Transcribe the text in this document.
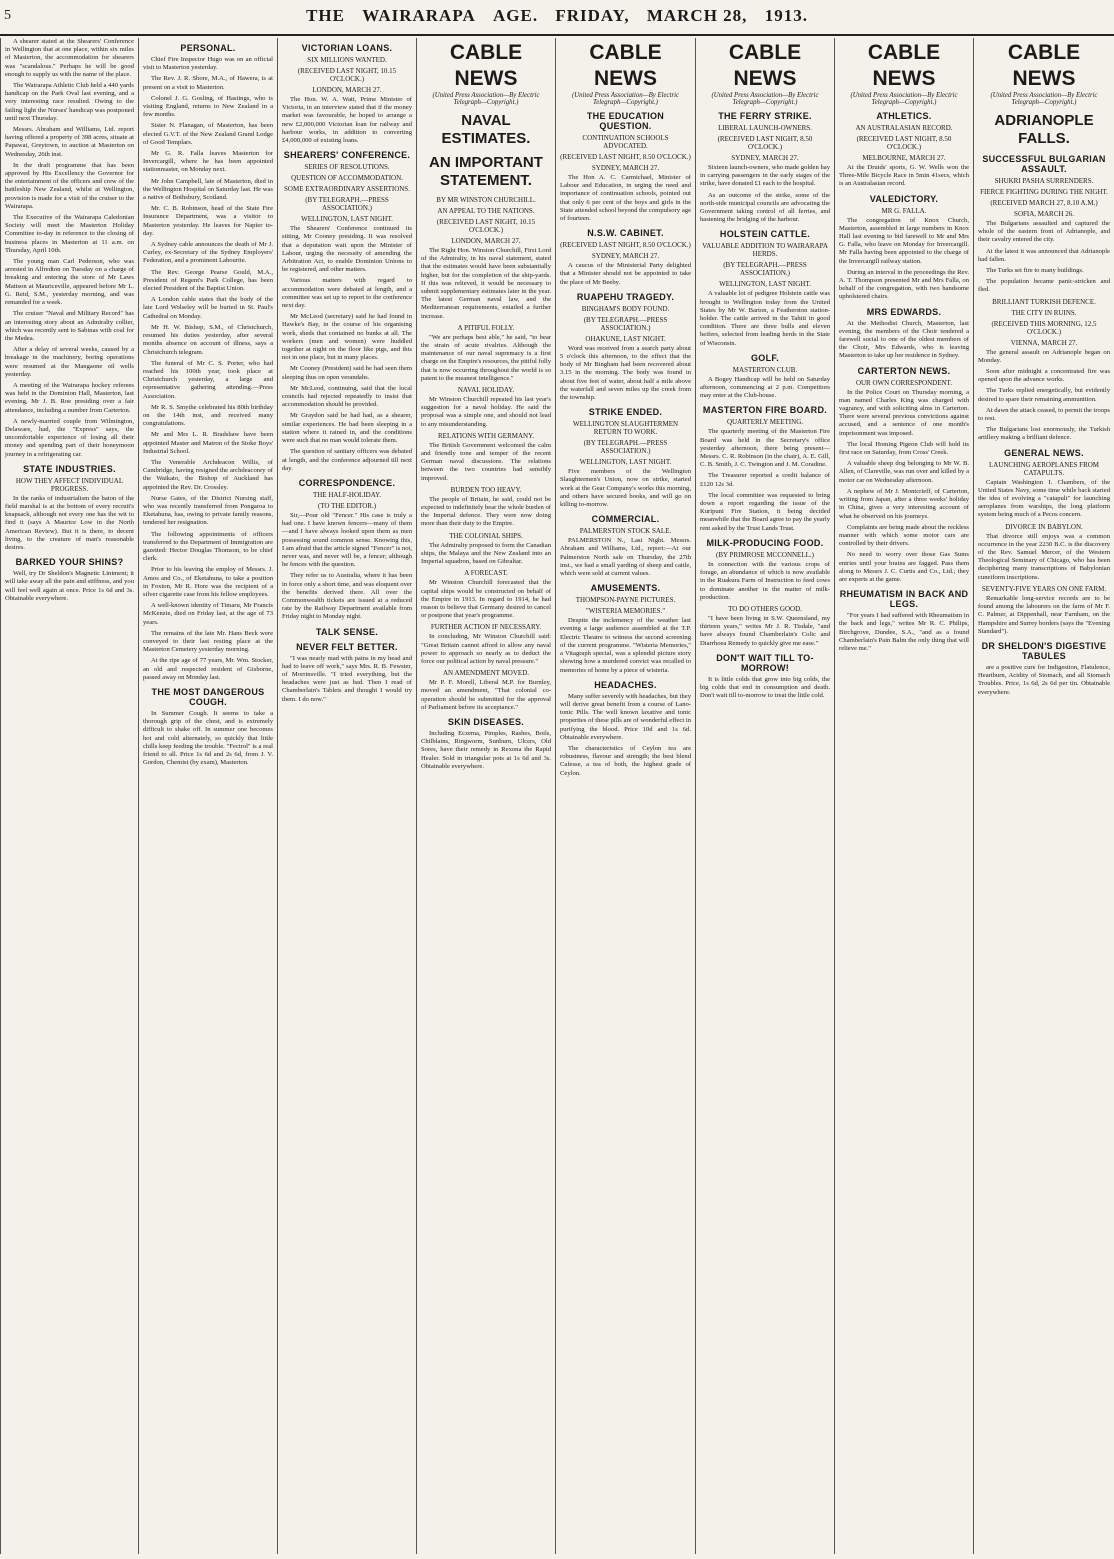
5	THE WAIRARAPA AGE. FRIDAY, MARCH 28, 1913.
A shearer stated at the Shearers' Conference in Wellington that at one place, within six miles of Masterton, the accommodation for shearers was "scandalous." Perhaps he will be good enough to supply us with the name of the place.
The Wairarapa Athletic Club held a 440 yards handicap on the Park Oval last evening, and a very interesting race resulted. Owing to the failing light the Nurses' handicap was postponed until next Thursday.
Messrs. Abraham and Williams, Ltd. report having offered a property of 398 acres, situate at Papawai, Greytown, to auction at Masterton on Wednesday, 26th inst.
In the draft programme that has been approved by His Excellency the Governor for the entertainment of the officers and crew of the battleship New Zealand, whilst at Wellington, provision is made for a visit of the cruiser to the Wairarapa.
The Executive of the Wairarapa Caledonian Society will meet the Masterton Holiday Committee to-day in reference to the closing of business places in Masterton at 11 a.m. on Thursday, April 10th.
The young man Carl Pederson, who was arrested in Alfredton on Tuesday on a charge of breaking and entering the store of Mr Laws Mattson at Mauriceville, appeared before Mr L. G. Reid, S.M., yesterday morning, and was remanded for a week.
The cruiser "Naval and Military Record" has an interesting story about an Admiralty collier, which was recently sent to Sabinas with coal for the Medea.
After a delay of several weeks, caused by a breakage in the machinery, boring operations were resumed at the Mangaone oil wells yesterday.
A meeting of the Wairarapa hockey referees was held in the Dominion Hall, Masterton, last evening, Mr J. B. Roe presiding over a fair attendance, including a number from Carterton.
A newly-married couple from Wilmington, Delaware, had, the "Express" says, the uncomfortable experience of losing all their money and spending part of their honeymoon journey in a refrigerating car.
STATE INDUSTRIES.
HOW THEY AFFECT INDIVIDUAL PROGRESS.
In the ranks of industrialism the baton of the field marshal is at the bottom of every recruit's knapsack, although not every one has the wit to find it (says A Maurice Low in the North American Review). But it is there, to decent living, to the creature of man's reasonable desires.
BARKED YOUR SHINS?
Well, try Dr Sheldon's Magnetic Liniment; it will take away all the pain and stiffness, and you will feel well again at once. Price 1s 6d and 3s. Obtainable everywhere.
PERSONAL.
Chief Fire Inspector Hugo was on an official visit to Masterton yesterday.
The Rev. J. R. Shore, M.A., of Hawera, is at present on a visit to Masterton.
Colonel J. G. Gosling, of Hastings, who is visiting England, returns to New Zealand in a few months.
Sister N. Flanagan, of Masterton, has been elected G.V.T. of the New Zealand Grand Lodge of Good Templars.
Mr G. R. Falla leaves Masterton for Invercargill, where he has been appointed stationmaster, on Monday next.
Mr John Campbell, late of Masterton, died in the Wellington Hospital on Saturday last. He was a native of Bothsbury, Scotland.
Mr. C. B. Robinson, head of the State Fire Insurance Department, was a visitor to Masterton yesterday. He leaves for Napier to-day.
A Sydney cable announces the death of Mr J. Curley, ex-Secretary of the Sydney Employers' Federation, and a prominent Labourite.
The Rev. George Pearse Gould, M.A., President of Regent's Park College, has been elected President of the Baptist Union.
A London cable states that the body of the late Lord Wolseley will be buried in St. Paul's Cathedral on Monday.
Mr H. W. Bishop, S.M., of Christchurch, resumed his duties yesterday, after several months absence on account of illness, says a Christchurch telegram.
The funeral of Mr C. S. Porter, who had reached his 100th year, took place at Christchurch yesterday, a large and representative gathering attending.—Press Association.
Mr R. S. Smythe celebrated his 80th birthday on the 14th inst, and received many congratulations.
Mr and Mrs L. R. Bradshaw have been appointed Master and Matron of the Stoke Boys' Industrial School.
The Venerable Archdeacon Willis, of Cambridge, having resigned the archdeaconry of the Waikato, the Bishop of Auckland has appointed the Rev. Dr. Crossley.
Nurse Gates, of the District Nursing staff, who was recently transferred from Pongaroa to Eketahuna, has, owing to private family reasons, tendered her resignation.
The following appointments of officers transferred to the Department of Immigration are gazetted: Hector Douglas Thomson, to be chief clerk.
Prior to his leaving the employ of Messrs. J. Amos and Co., of Eketahuna, to take a position in Foxton, Mr R. Hore was the recipient of a silver cigarette case from his fellow employees.
A well-known identity of Timaru, Mr Francis McKenzie, died on Friday last, at the age of 73 years.
The remains of the late Mr. Hans Beck were conveyed to their last resting place at the Masterton Cemetery yesterday morning.
At the ripe age of 77 years, Mr. Wm. Stocker, an old and respected resident of Gisborne, passed away on Monday last.
THE MOST DANGEROUS COUGH.
In Summer Cough. It seems to take a thorough grip of the chest, and is extremely difficult to shake off. In summer one becomes hot and cold alternately, so quickly that little chills keep feeding the trouble. "Fectrol" is a real friend to all. Price 1s 6d and 2s 6d, from J. V. Gordon, Chemist (by exam), Masterton.
VICTORIAN LOANS.
SIX MILLIONS WANTED.
(RECEIVED LAST NIGHT, 10.15 O'CLOCK.)
LONDON, MARCH 27.
The Hon. W. A. Watt, Prime Minister of Victoria, in an interview stated that if the money market was favourable, he hoped to arrange a new £2,000,000 Victorian loan for railway and harbour works, in addition to converting £4,000,000 of existing loans.
SHEARERS' CONFERENCE.
SERIES OF RESOLUTIONS.
QUESTION OF ACCOMMODATION.
SOME EXTRAORDINARY ASSERTIONS.
(BY TELEGRAPH.—PRESS ASSOCIATION.)
WELLINGTON, LAST NIGHT.
The Shearers' Conference continued its sitting, Mr Cooney presiding. It was resolved that a deputation wait upon the Minister of Labour, urging the necessity of amending the Arbitration Act, to enable Dominion Unions to be registered, and other matters.
Various matters with regard to accommodation were debated at length, and a committee was set up to report to the conference next day.
Mr McLeod (secretary) said he had found in Hawke's Bay, in the course of his organising work, sheds that contained no bunks at all. The workers (men and women) were huddled together at night on the floor like pigs, and this not in one place, but in many places.
Mr Cooney (President) said he had seen them sleeping thus on open verandahs.
Mr McLeod, continuing, said that the local councils had rejected repeatedly to insist that accommodation should be provided.
Mr Graydon said he had had, as a shearer, similar experiences. He had been sleeping in a station where it rained in, and the conditions were such that no man would tolerate them.
The question of sanitary officers was debated at length, and the conference adjourned till next day.
CORRESPONDENCE.
THE HALF-HOLIDAY.
(TO THE EDITOR.)
Sir,—Pour old "Fencer." His case is truly a bad one. I have known fencers—many of them—and I have always looked upon them as men possessing sound common sense. Knowing this, I am afraid that the article signed "Fencer" is not, never was, and never will be, a fencer; although he fences with the question.
They refer us to Australia, where it has been in force only a short time, and was eloquent over the benefits derived there. All over the Commonwealth tickets are issued at a reduced rate by the Railway Department available from Friday night to Monday night.
TALK SENSE.
NEVER FELT BETTER.
"I was nearly mad with pains in my head and had to leave off work," says Mrs. R. B. Fewster, of Morrinsville. "I tried everything, but the headaches were just as bad. Then I read of Chamberlain's Tablets and thought I would try them. I do now."
CABLE NEWS
(United Press Association—By Electric Telegraph—Copyright.)
NAVAL ESTIMATES.
AN IMPORTANT STATEMENT.
BY MR WINSTON CHURCHILL.
AN APPEAL TO THE NATIONS.
(RECEIVED LAST NIGHT, 10.15 O'CLOCK.)
LONDON, MARCH 27.
The Right Hon. Winston Churchill, First Lord of the Admiralty, in his naval statement, stated that the estimates would have been substantially higher, but for the completion of the ship-yards. If this was relieved, it would be necessary to submit supplementary estimates later in the year. The latest German naval law, and the Mediterranean requirements, entailed a further increase.
A PITIFUL FOLLY.
"We are perhaps best able," he said, "to bear the strain of acute rivalries. Although the maintenance of our naval supremacy is a first charge on the Empire's resources, the pitiful folly that is now occurring throughout the world is so patent to the meanest intelligence."
NAVAL HOLIDAY.
Mr Winston Churchill repeated his last year's suggestion for a naval holiday. He said the proposal was a simple one, and should not lead to any misunderstanding.
RELATIONS WITH GERMANY.
The British Government welcomed the calm and friendly tone and temper of the recent German naval discussions. The relations between the two countries had sensibly improved.
BURDEN TOO HEAVY.
The people of Britain, he said, could not be expected to indefinitely bear the whole burden of the Imperial defence. They were now doing more than their duty to the Empire.
THE COLONIAL SHIPS.
The Admiralty proposed to form the Canadian ships, the Malaya and the New Zealand into an Imperial squadron, based on Gibraltar.
A FORECAST.
Mr Winston Churchill forecasted that the capital ships would be constructed on behalf of the Empire in 1913. In regard to 1914, he had reason to believe that Germany desired to cancel or postpone that year's programme.
FURTHER ACTION IF NECESSARY.
In concluding, Mr Winston Churchill said: "Great Britain cannot afford to allow any naval power to approach so nearly as to deduct the force our political action by naval pressure."
AN AMENDMENT MOVED.
Mr P. F. Morell, Liberal M.P. for Burnley, moved an amendment, "That colonial co-operation should be submitted for the approval of Parliament before its acceptance."
SKIN DISEASES.
Including Eczema, Pimples, Rashes, Boils, Chilblains, Ringworm, Sunburn, Ulcers, Old Sores, have their remedy in Rexona the Rapid Healer. Sold in triangular pots at 1s 6d and 3s. Obtainable everywhere.
CABLE NEWS
(United Press Association—By Electric Telegraph—Copyright.)
THE EDUCATION QUESTION.
CONTINUATION SCHOOLS ADVOCATED.
(RECEIVED LAST NIGHT, 8.50 O'CLOCK.)
SYDNEY, MARCH 27.
The Hon A. C. Carmichael, Minister of Labour and Education, in urging the need and importance of continuation schools, pointed out that only 6 per cent of the boys and girls in the State attended school beyond the compulsory age of fourteen.
N.S.W. CABINET.
(RECEIVED LAST NIGHT, 8.50 O'CLOCK.)
SYDNEY, MARCH 27.
A caucus of the Ministerial Party delighted that a Minister should not be appointed to take the place of Mr Beeby.
RUAPEHU TRAGEDY.
BINGHAM'S BODY FOUND.
(BY TELEGRAPH.—PRESS ASSOCIATION.)
OHAKUNE, LAST NIGHT.
Word was received from a search party about 5 o'clock this afternoon, to the effect that the body of Mr Bingham had been recovered about 3.15 in the morning. The body was found in about five feet of water, about half a mile above the waterfall and seven miles up the creek from the township.
STRIKE ENDED.
WELLINGTON SLAUGHTERMEN RETURN TO WORK.
(BY TELEGRAPH.—PRESS ASSOCIATION.)
WELLINGTON, LAST NIGHT.
Five members of the Wellington Slaughtermen's Union, now on strike, started work at the Gear Company's works this morning, and others have secured books, and will go on killing to-morrow.
COMMERCIAL.
PALMERSTON STOCK SALE.
PALMERSTON N., Last Night. Messrs. Abraham and Williams, Ltd., report:—At our Palmerston North sale on Thursday, the 27th inst., we had a small yarding of sheep and cattle, which were sold at current values.
AMUSEMENTS.
THOMPSON-PAYNE PICTURES.
"WISTERIA MEMORIES."
Despite the inclemency of the weather last evening a large audience assembled at the T.P. Electric Theatre to witness the second screening of the current programme. "Wisteria Memories," a Vitagraph special, was a splendid picture story showing how a murdered convict was recalled to memories of home by a piece of wisteria.
HEADACHES.
Many suffer severely with headaches, but they will derive great benefit from a course of Lano-tonic Pills. The well known laxative and tonic properties of these pills are of wonderful effect in purifying the blood. Price 10d and 1s 6d. Obtainable everywhere.
The characteristics of Ceylon tea are robustness, flavour and strength; the best blend Cafesse, a tea of both, the highest grade of Ceylon.
CABLE NEWS
(United Press Association—By Electric Telegraph—Copyright.)
THE FERRY STRIKE.
LIBERAL LAUNCH-OWNERS.
(RECEIVED LAST NIGHT, 8.50 O'CLOCK.)
SYDNEY, MARCH 27.
Sixteen launch-owners, who made golden hay in carrying passengers in the early stages of the strike, have donated £1 each to the hospital.
As an outcome of the strike, some of the north-side municipal councils are advocating the Government taking control of all ferries, and hastening the bridging of the harbour.
HOLSTEIN CATTLE.
VALUABLE ADDITION TO WAIRARAPA HERDS.
(BY TELEGRAPH.—PRESS ASSOCIATION.)
WELLINGTON, LAST NIGHT.
A valuable lot of pedigree Holstein cattle was brought to Wellington today from the United States by Mr W. Barton, a Featherston station-holder. The cattle arrived in the Tahiti in good condition. There are three bulls and eleven heifers, selected from leading herds in the State of Wisconsin.
GOLF.
MASTERTON CLUB.
A Bogey Handicap will be held on Saturday afternoon, commencing at 2 p.m. Competitors may enter at the Club-house.
MASTERTON FIRE BOARD.
QUARTERLY MEETING.
The quarterly meeting of the Masterton Fire Board was held in the Secretary's office yesterday afternoon, there being present—Messrs. C. R. Robinson (in the chair), A. E. Gill, C. B. Smith, J. C. Twington and J. M. Coradine.
The Treasurer reported a credit balance of £120 12s 3d.
The local committee was requested to bring down a report regarding the issue of the Kuripuni Fire Station, it being decided meanwhile that the Board agree to pay the yearly rent asked by the Trust Lands Trust.
MILK-PRODUCING FOOD.
(BY PRIMROSE MCCONNELL.)
In connection with the various crops of forage, an abundance of which is now available in the Ruakura Farm of Instruction to feed cows to dominate another in the matter of milk-production.
TO DO OTHERS GOOD.
"I have been living in S.W. Queensland, my thirteen years," writes Mr J. R. Tisdale, "and have always found Chamberlain's Colic and Diarrhoea Remedy to quickly give me ease."
DON'T WAIT TILL TO-MORROW!
It is little colds that grow into big colds, the big colds that end in consumption and death. Don't wait till to-morrow to treat the little cold.
CABLE NEWS
(United Press Association—By Electric Telegraph—Copyright.)
ATHLETICS.
AN AUSTRALASIAN RECORD.
(RECEIVED LAST NIGHT, 8.50 O'CLOCK.)
MELBOURNE, MARCH 27.
At the Druids' sports, G. W. Wells won the Three-Mile Bicycle Race in 5min 41secs, which is an Australasian record.
VALEDICTORY.
MR G. FALLA.
The congregation of Knox Church, Masterton, assembled in large numbers in Knox Hall last evening to bid farewell to Mr and Mrs G. Falla, who leave on Monday for Invercargill. Mr Falla having been appointed to the charge of the Invercargill railway station.
During an interval in the proceedings the Rev. A. T. Thompson presented Mr and Mrs Falla, on behalf of the congregation, with two handsome upholstered chairs.
MRS EDWARDS.
At the Methodist Church, Masterton, last evening, the members of the Choir tendered a farewell social to one of the oldest members of the Choir, Mrs Edwards, who is leaving Masterton to take up her residence in Sydney.
CARTERTON NEWS.
OUR OWN CORRESPONDENT.
In the Police Court on Thursday morning, a man named Charles King was charged with vagrancy, and with soliciting alms in Carterton. There were several previous convictions against accused, and a sentence of one month's imprisonment was imposed.
The local Homing Pigeon Club will hold its first race on Saturday, from Cross' Creek.
A valuable sheep dog belonging to Mr W. B. Allen, of Clareville, was run over and killed by a motor car on Wednesday afternoon.
A nephew of Mr J. Montcrieff, of Carterton, writing from Japan, after a three weeks' holiday in China, gives a very interesting account of what he observed on his journeys.
Complaints are being made about the reckless manner with which some motor cars are controlled by their drivers.
No need to worry over those Gas Sums entries until your brains are fagged. Pass them along to Messrs J. C. Curtis and Co., Ltd.; they are experts at the game.
RHEUMATISM IN BACK AND LEGS.
"For years I had suffered with Rheumatism in the back and legs," writes Mr R. C. Philips, Birchgrove, Dundee, S.A., "and as a found Chamberlain's Pain Balm the only thing that will relieve me."
CABLE NEWS
(United Press Association—By Electric Telegraph—Copyright.)
ADRIANOPLE FALLS.
SUCCESSFUL BULGARIAN ASSAULT.
SHUKRI PASHA SURRENDERS.
FIERCE FIGHTING DURING THE NIGHT.
(RECEIVED MARCH 27, 8.10 A.M.)
SOFIA, MARCH 26.
The Bulgarians assaulted and captured the whole of the eastern front of Adrianople, and their cavalry entered the city.
At the latest it was announced that Adrianople had fallen.
The Turks set fire to many buildings.
The population became panic-stricken and fled.
BRILLIANT TURKISH DEFENCE.
THE CITY IN RUINS.
(RECEIVED THIS MORNING, 12.5 O'CLOCK.)
VIENNA, MARCH 27.
The general assault on Adrianople began on Monday.
Soon after midnight a concentrated fire was opened upon the advance works.
The Turks replied energetically, but evidently desired to spare their remaining ammunition.
At dawn the attack ceased, to permit the troops to rest.
The Bulgarians lost enormously, the Turkish artillery making a brilliant defence.
GENERAL NEWS.
LAUNCHING AEROPLANES FROM CATAPULTS.
Captain Washington I. Chambers, of the United States Navy, some time while back started the idea of evolving a "catapult" for launching aeroplanes from warships, the long platform system being much of a Pecos concern.
DIVORCE IN BABYLON.
That divorce still enjoys was a common occurrence in the year 2230 B.C. is the discovery of the Rev. Samuel Mercer, of the Western Theological Seminary of Chicago, who has been deciphering many transcriptions of Babylonian cuneiform inscriptions.
SEVENTY-FIVE YEARS ON ONE FARM.
Remarkable long-service records are to be found among the labourers on the farm of Mr F. C. Palmer, at Dippenhall, near Farnham, on the Hampshire and Surrey borders (says the "Evening Standard").
DR SHELDON'S DIGESTIVE TABULES
are a positive cure for Indigestion, Flatulence, Heartburn, Acidity of Stomach, and all Stomach Troubles. Price, 1s 6d, 2s 6d per tin. Obtainable everywhere.
